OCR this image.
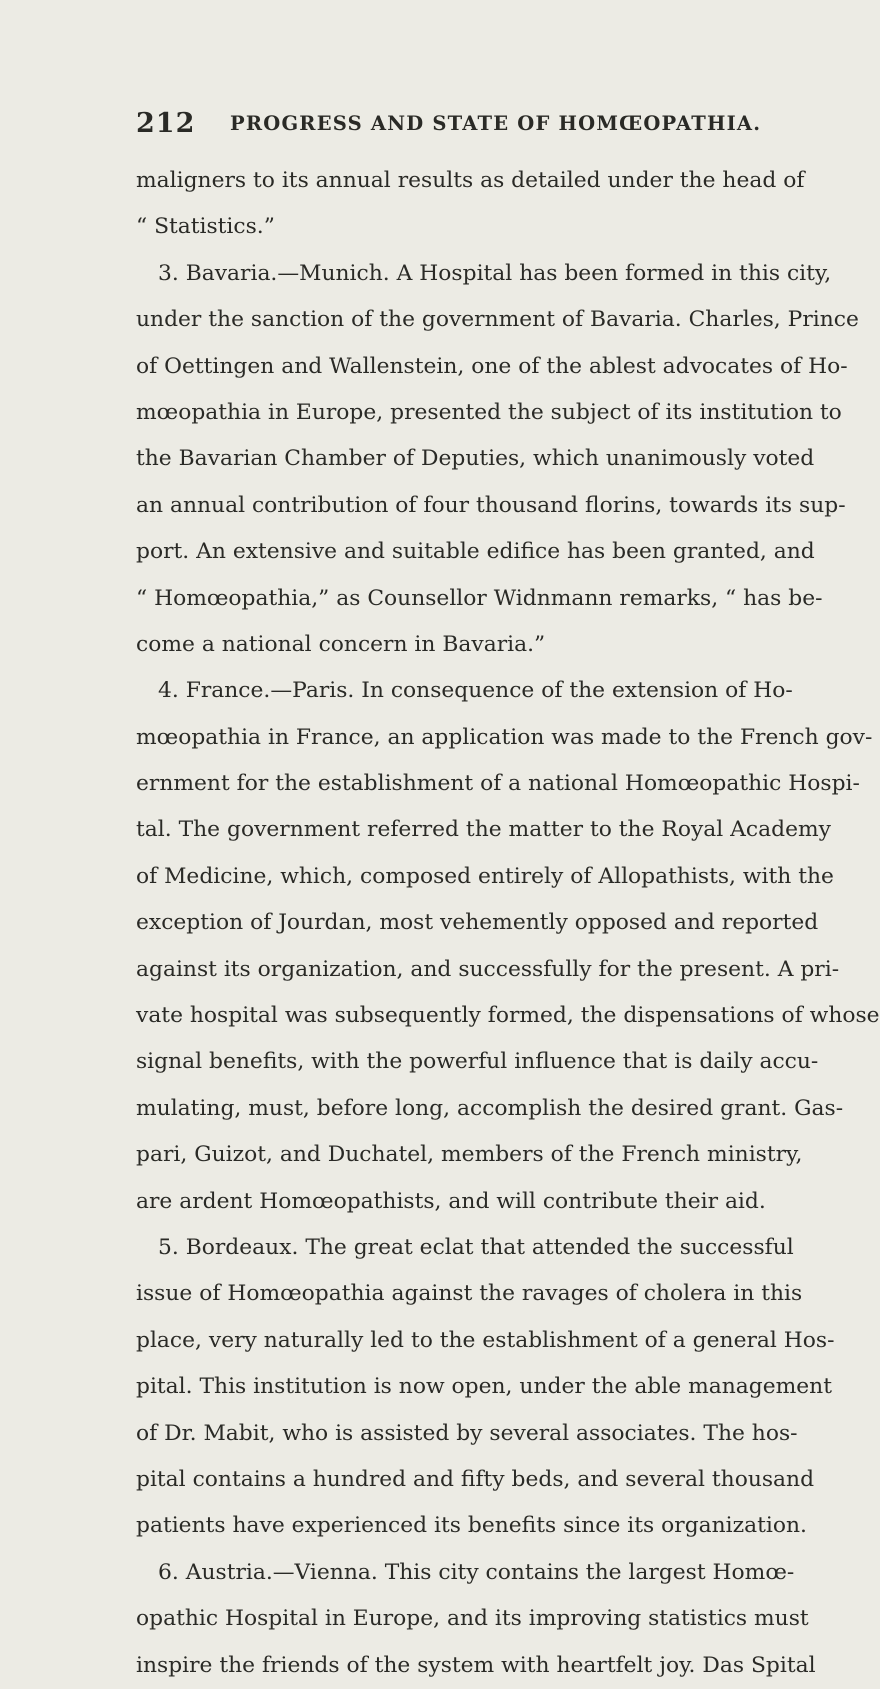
212 PROGRESS AND STATE OF HOMŒOPATHIA.
maligners to its annual results as detailed under the head of
“ Statistics.”
3. Bavaria.—Munich. A Hospital has been formed in this city,
under the sanction of the government of Bavaria. Charles, Prince
of Oettingen and Wallenstein, one of the ablest advocates of Ho-
mœopathia in Europe, presented the subject of its institution to
the Bavarian Chamber of Deputies, which unanimously voted
an annual contribution of four thousand florins, towards its sup-
port. An extensive and suitable edifice has been granted, and
“ Homœopathia,” as Counsellor Widnmann remarks, “ has be-
come a national concern in Bavaria.”
4. France.—Paris. In consequence of the extension of Ho-
mœopathia in France, an application was made to the French gov-
ernment for the establishment of a national Homœopathic Hospi-
tal. The government referred the matter to the Royal Academy
of Medicine, which, composed entirely of Allopathists, with the
exception of Jourdan, most vehemently opposed and reported
against its organization, and successfully for the present. A pri-
vate hospital was subsequently formed, the dispensations of whose
signal benefits, with the powerful influence that is daily accu-
mulating, must, before long, accomplish the desired grant. Gas-
pari, Guizot, and Duchatel, members of the French ministry,
are ardent Homœopathists, and will contribute their aid.
5. Bordeaux. The great eclat that attended the successful
issue of Homœopathia against the ravages of cholera in this
place, very naturally led to the establishment of a general Hos-
pital. This institution is now open, under the able management
of Dr. Mabit, who is assisted by several associates. The hos-
pital contains a hundred and fifty beds, and several thousand
patients have experienced its benefits since its organization.
6. Austria.—Vienna. This city contains the largest Homœ-
opathic Hospital in Europe, and its improving statistics must
inspire the friends of the system with heartfelt joy. Das Spital
